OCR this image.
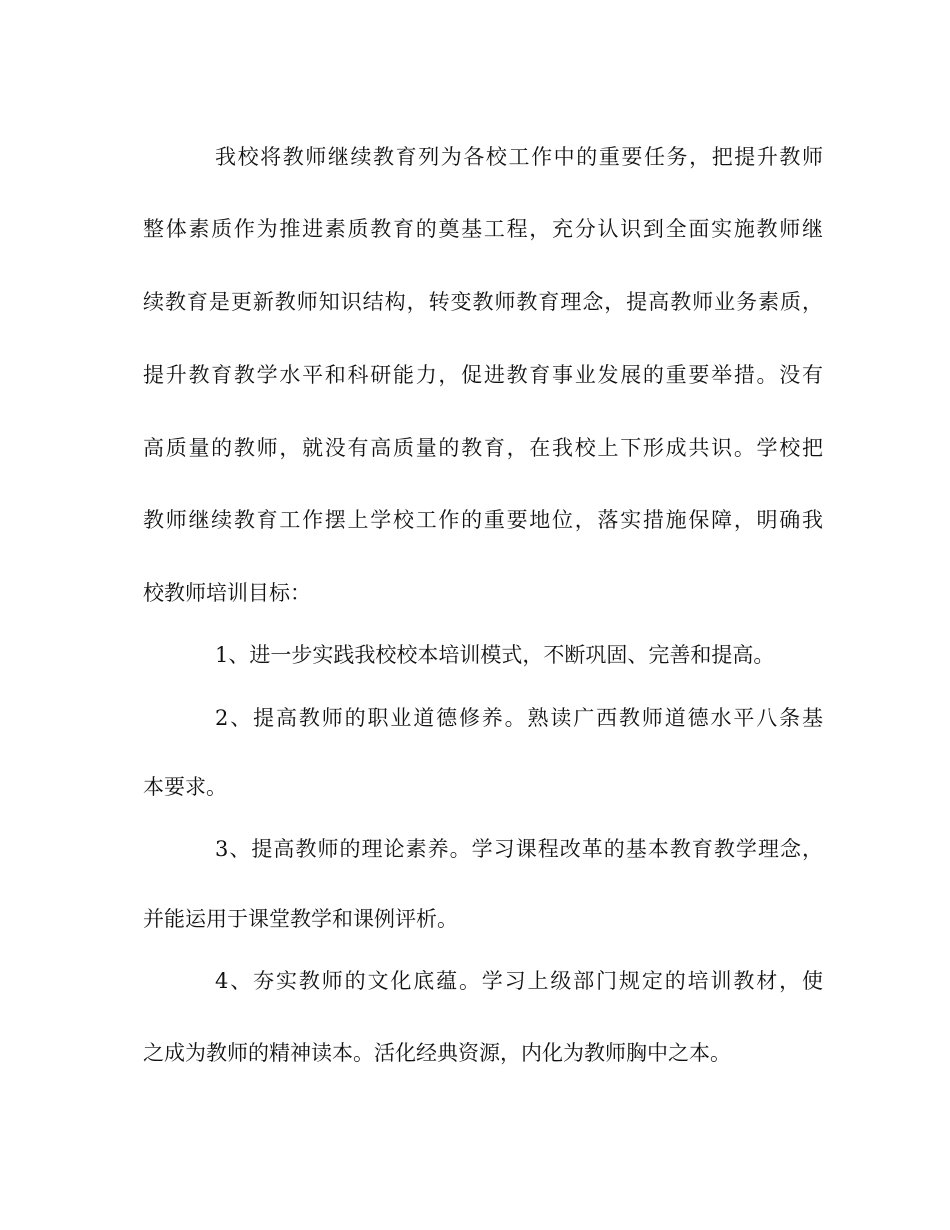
我校将教师继续教育列为各校工作中的重要任务，把提升教师
整体素质作为推进素质教育的奠基工程，充分认识到全面实施教师继
续教育是更新教师知识结构，转变教师教育理念，提高教师业务素质，
提升教育教学水平和科研能力，促进教育事业发展的重要举措。没有
高质量的教师，就没有高质量的教育，在我校上下形成共识。学校把
教师继续教育工作摆上学校工作的重要地位，落实措施保障，明确我
校教师培训目标：
1、进一步实践我校校本培训模式，不断巩固、完善和提高。
2、提高教师的职业道德修养。熟读广西教师道德水平八条基
本要求。
3、提高教师的理论素养。学习课程改革的基本教育教学理念，
并能运用于课堂教学和课例评析。
4、夯实教师的文化底蕴。学习上级部门规定的培训教材，使
之成为教师的精神读本。活化经典资源，内化为教师胸中之本。
